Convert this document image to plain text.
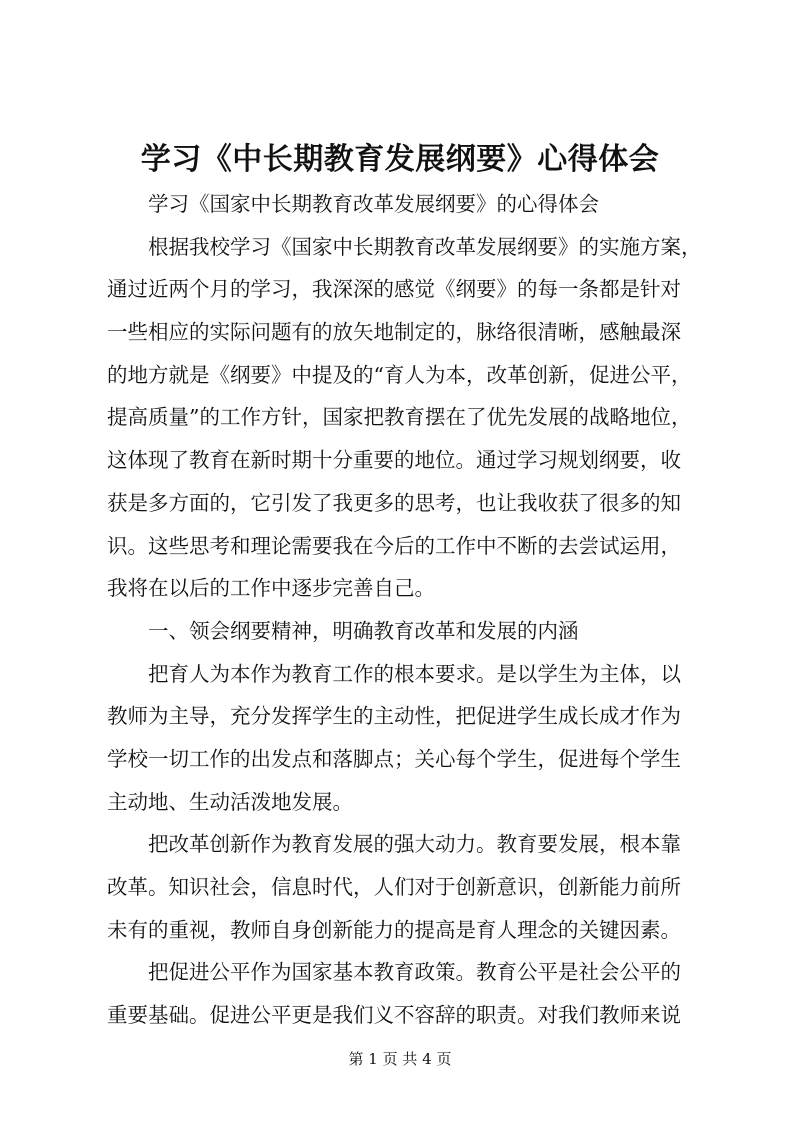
学习《中长期教育发展纲要》心得体会
学习《国家中长期教育改革发展纲要》的心得体会
根据我校学习《国家中长期教育改革发展纲要》的实施方案，
通过近两个月的学习，我深深的感觉《纲要》的每一条都是针对
一些相应的实际问题有的放矢地制定的，脉络很清晰，感触最深
的地方就是《纲要》中提及的“育人为本，改革创新，促进公平，
提高质量”的工作方针，国家把教育摆在了优先发展的战略地位，
这体现了教育在新时期十分重要的地位。通过学习规划纲要，收
获是多方面的，它引发了我更多的思考，也让我收获了很多的知
识。这些思考和理论需要我在今后的工作中不断的去尝试运用，
我将在以后的工作中逐步完善自己。
一、领会纲要精神，明确教育改革和发展的内涵
把育人为本作为教育工作的根本要求。是以学生为主体，以
教师为主导，充分发挥学生的主动性，把促进学生成长成才作为
学校一切工作的出发点和落脚点；关心每个学生，促进每个学生
主动地、生动活泼地发展。
把改革创新作为教育发展的强大动力。教育要发展，根本靠
改革。知识社会，信息时代，人们对于创新意识，创新能力前所
未有的重视，教师自身创新能力的提高是育人理念的关键因素。
把促进公平作为国家基本教育政策。教育公平是社会公平的
重要基础。促进公平更是我们义不容辞的职责。对我们教师来说
第 1 页 共 4 页
